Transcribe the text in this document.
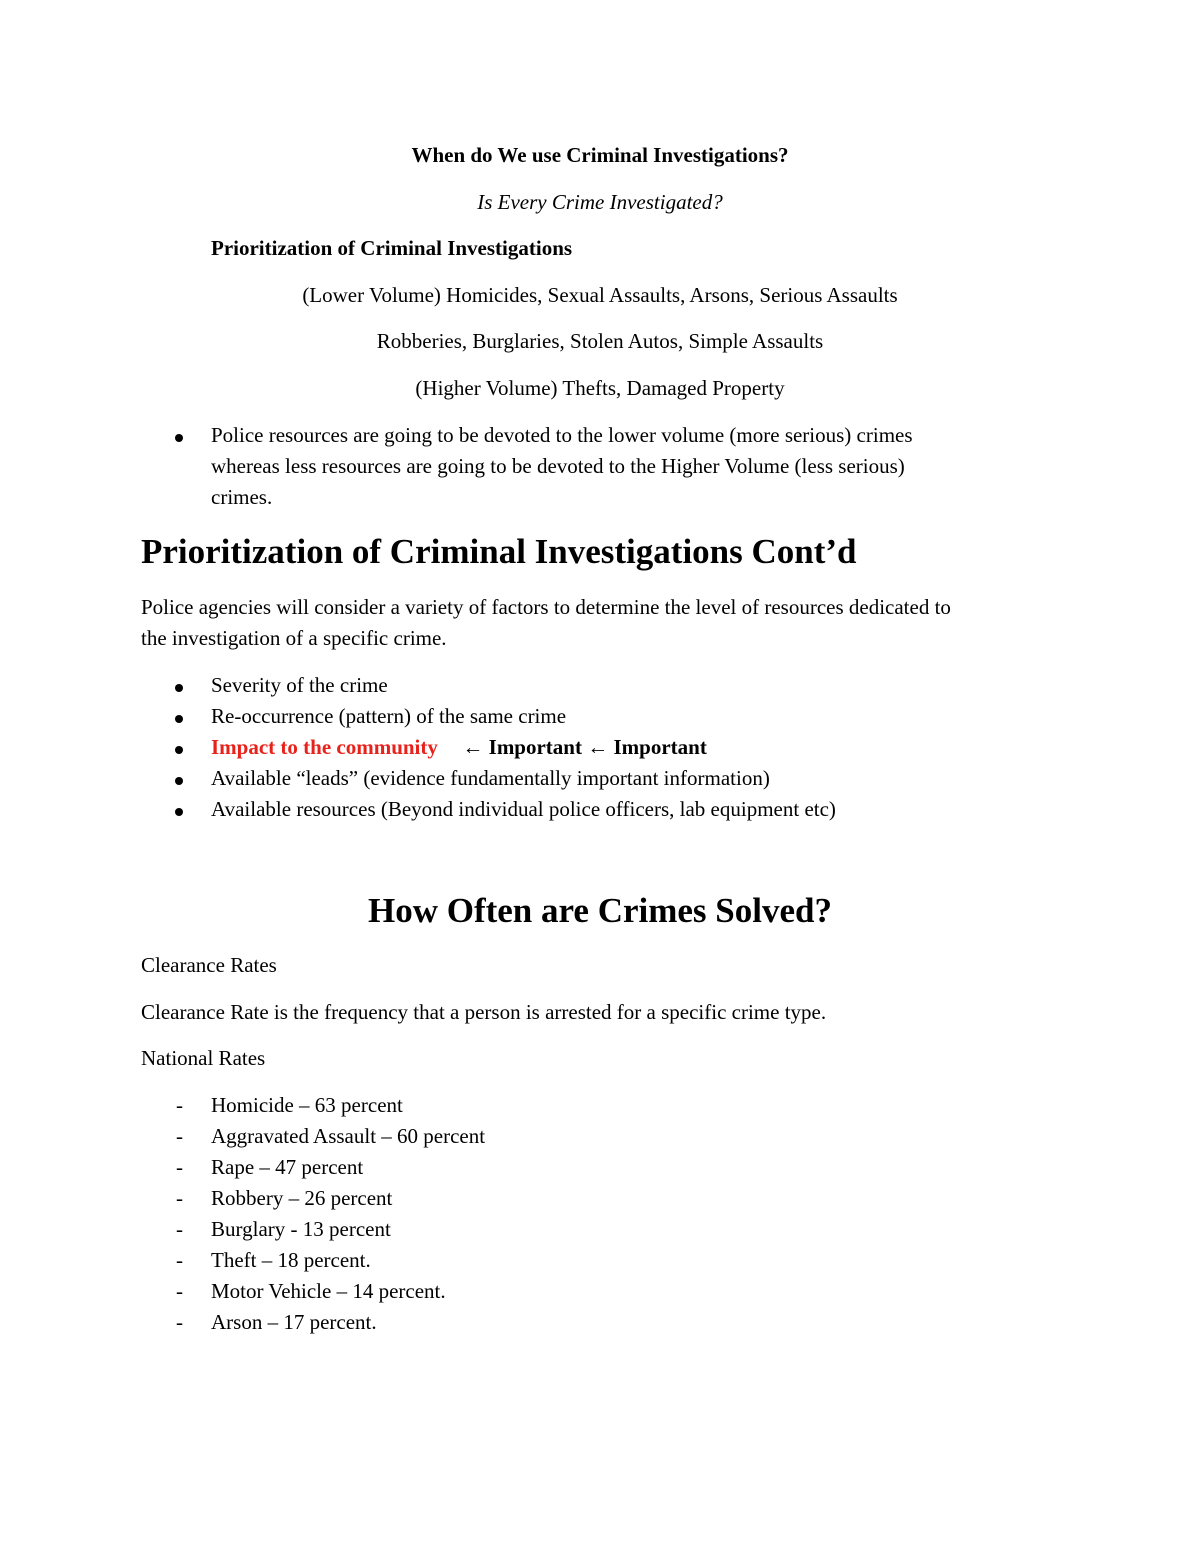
When do We use Criminal Investigations?
Is Every Crime Investigated?
Prioritization of Criminal Investigations
(Lower Volume) Homicides, Sexual Assaults, Arsons, Serious Assaults
Robberies, Burglaries, Stolen Autos, Simple Assaults
(Higher Volume) Thefts, Damaged Property
Police resources are going to be devoted to the lower volume (more serious) crimes
whereas less resources are going to be devoted to the Higher Volume (less serious)
crimes.
Prioritization of Criminal Investigations Cont’d
Police agencies will consider a variety of factors to determine the level of resources dedicated to
the investigation of a specific crime.
Severity of the crime
Re-occurrence (pattern) of the same crime
Impact to the community ← Important ← Important
Available “leads” (evidence fundamentally important information)
Available resources (Beyond individual police officers, lab equipment etc)
How Often are Crimes Solved?
Clearance Rates
Clearance Rate is the frequency that a person is arrested for a specific crime type.
National Rates
- Homicide – 63 percent
- Aggravated Assault – 60 percent
- Rape – 47 percent
- Robbery – 26 percent
- Burglary - 13 percent
- Theft – 18 percent.
- Motor Vehicle – 14 percent.
- Arson – 17 percent.
